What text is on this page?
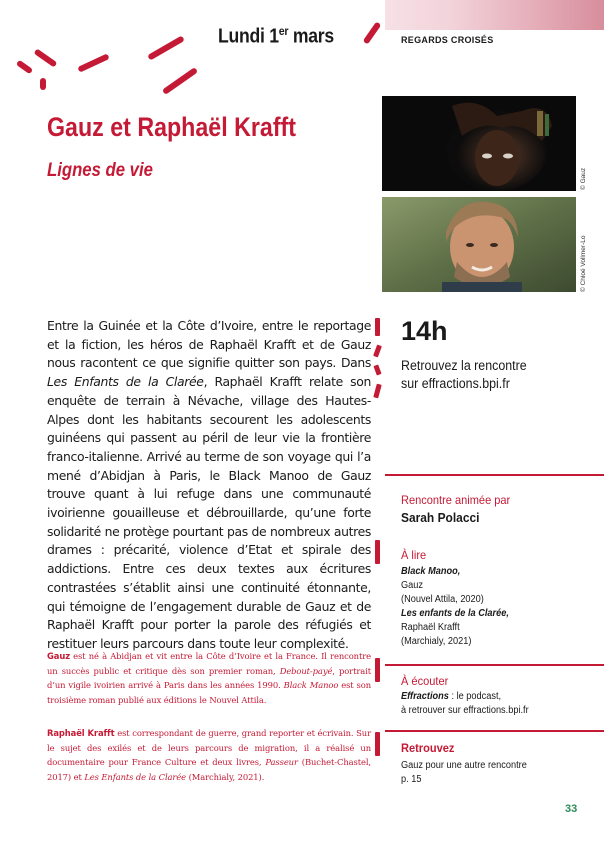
Lundi 1er mars	REGARDS CROISÉS
Gauz et Raphaël Krafft
Lignes de vie	© Gauz
© Chloé Vollmer-Lo
Entre la Guinée et la Côte d’Ivoire, entre le reportage et la fiction, les héros de Raphaël Krafft et de Gauz nous racontent ce que signifie quitter son pays. Dans Les Enfants de la Clarée, Raphaël Krafft relate son enquête de terrain à Névache, village des Hautes-Alpes dont les habitants secourent les adolescents guinéens qui passent au péril de leur vie la frontière franco-italienne. Arrivé au terme de son voyage qui l’a mené d’Abidjan à Paris, le Black Manoo de Gauz trouve quant à lui refuge dans une communauté ivoirienne gouailleuse et débrouillarde, qu’une forte solidarité ne protège pourtant pas de nombreux autres drames : précarité, violence d’Etat et spirale des addictions. Entre ces deux textes aux écritures contrastées s’établit ainsi une continuité étonnante, qui témoigne de l’engagement durable de Gauz et de Raphaël Krafft pour porter la parole des réfugiés et restituer leurs parcours dans toute leur complexité.
Gauz est né à Abidjan et vit entre la Côte d’Ivoire et la France. Il rencontre un succès public et critique dès son premier roman, Debout-payé, portrait d’un vigile ivoirien arrivé à Paris dans les années 1990. Black Manoo est son troisième roman publié aux éditions le Nouvel Attila.
Raphaël Krafft est correspondant de guerre, grand reporter et écrivain. Sur le sujet des exilés et de leurs parcours de migration, il a réalisé un documentaire pour France Culture et deux livres, Passeur (Buchet-Chastel, 2017) et Les Enfants de la Clarée (Marchialy, 2021).
14h
Retrouvez la rencontre
sur effractions.bpi.fr
Rencontre animée par
Sarah Polacci
À lire
Black Manoo,
Gauz
(Nouvel Attila, 2020)
Les enfants de la Clarée,
Raphaël Krafft
(Marchialy, 2021)
À écouter
Effractions : le podcast,
à retrouver sur effractions.bpi.fr
Retrouvez
Gauz pour une autre rencontre
p. 15
33
